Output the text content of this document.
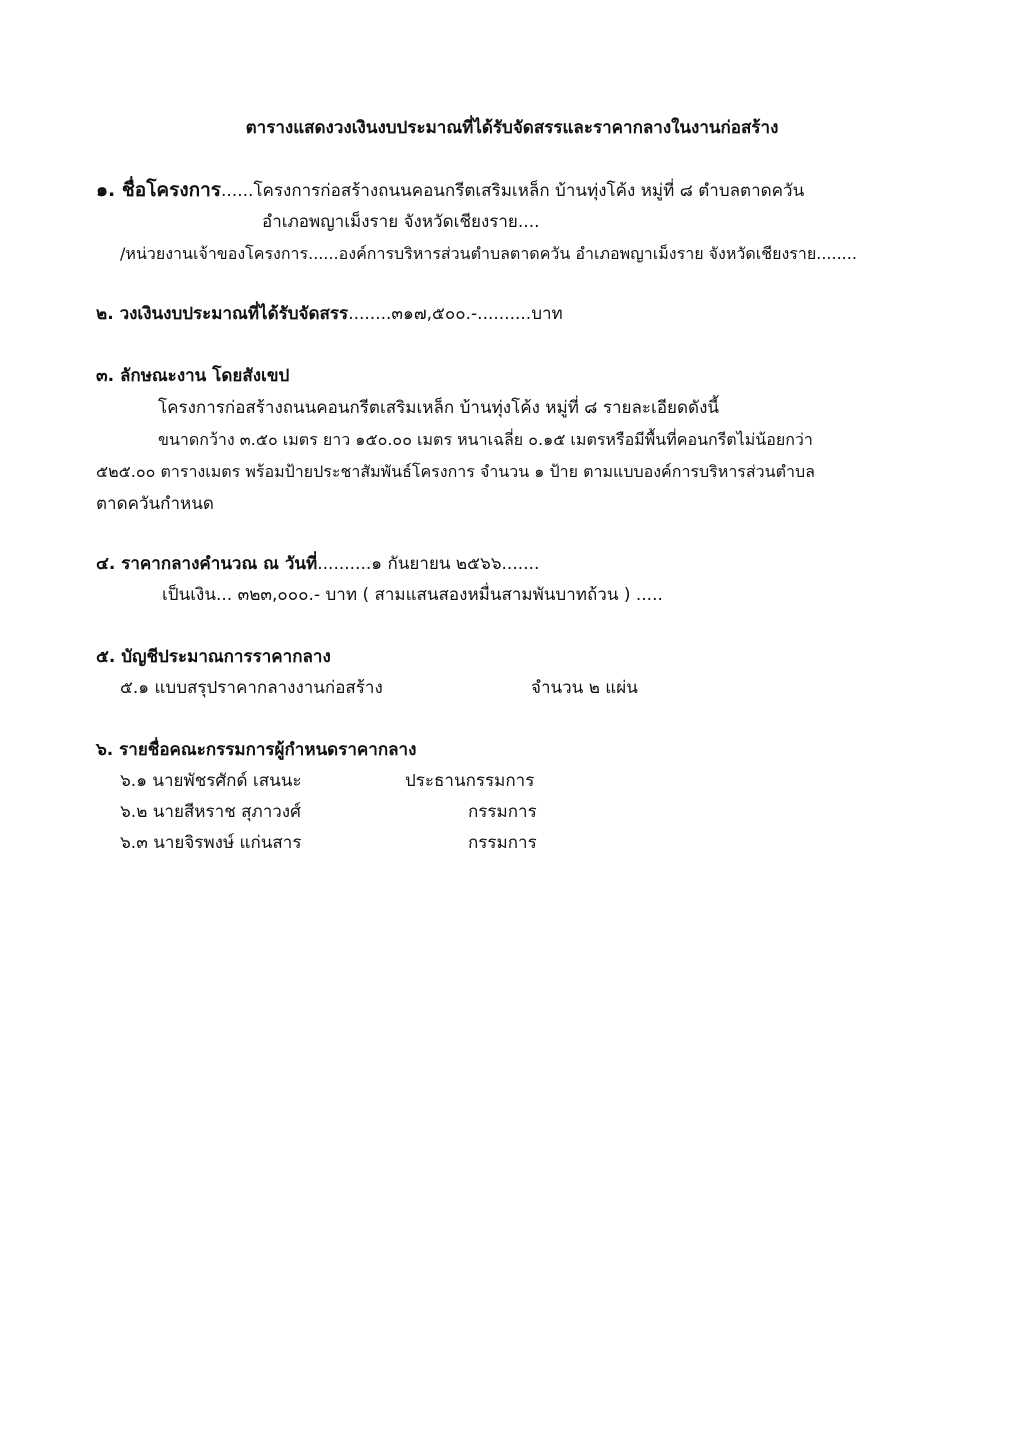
ตารางแสดงวงเงินงบประมาณที่ได้รับจัดสรรและราคากลางในงานก่อสร้าง
๑. ชื่อโครงการ......โครงการก่อสร้างถนนคอนกรีตเสริมเหล็ก บ้านทุ่งโค้ง หมู่ที่ ๘ ตำบลตาดควัน
อำเภอพญาเม็งราย จังหวัดเชียงราย....
/หน่วยงานเจ้าของโครงการ......องค์การบริหารส่วนตำบลตาดควัน อำเภอพญาเม็งราย จังหวัดเชียงราย........
๒. วงเงินงบประมาณที่ได้รับจัดสรร........๓๑๗,๕๐๐.-..........บาท
๓. ลักษณะงาน โดยสังเขป
โครงการก่อสร้างถนนคอนกรีตเสริมเหล็ก บ้านทุ่งโค้ง หมู่ที่ ๘ รายละเอียดดังนี้
ขนาดกว้าง ๓.๕๐ เมตร ยาว ๑๕๐.๐๐ เมตร หนาเฉลี่ย ๐.๑๕ เมตรหรือมีพื้นที่คอนกรีตไม่น้อยกว่า
๕๒๕.๐๐ ตารางเมตร พร้อมป้ายประชาสัมพันธ์โครงการ จำนวน ๑ ป้าย ตามแบบองค์การบริหารส่วนตำบล
ตาดควันกำหนด
๔. ราคากลางคำนวณ ณ วันที่..........๑ กันยายน ๒๕๖๖.......
เป็นเงิน... ๓๒๓,๐๐๐.- บาท ( สามแสนสองหมื่นสามพันบาทถ้วน ) .....
๕. บัญชีประมาณการราคากลาง
๕.๑ แบบสรุปราคากลางงานก่อสร้าง	จำนวน ๒ แผ่น
๖. รายชื่อคณะกรรมการผู้กำหนดราคากลาง
๖.๑ นายพัชรศักด์ เสนนะ	ประธานกรรมการ
๖.๒ นายสีหราช สุภาวงศ์	กรรมการ
๖.๓ นายจิรพงษ์ แก่นสาร	กรรมการ
